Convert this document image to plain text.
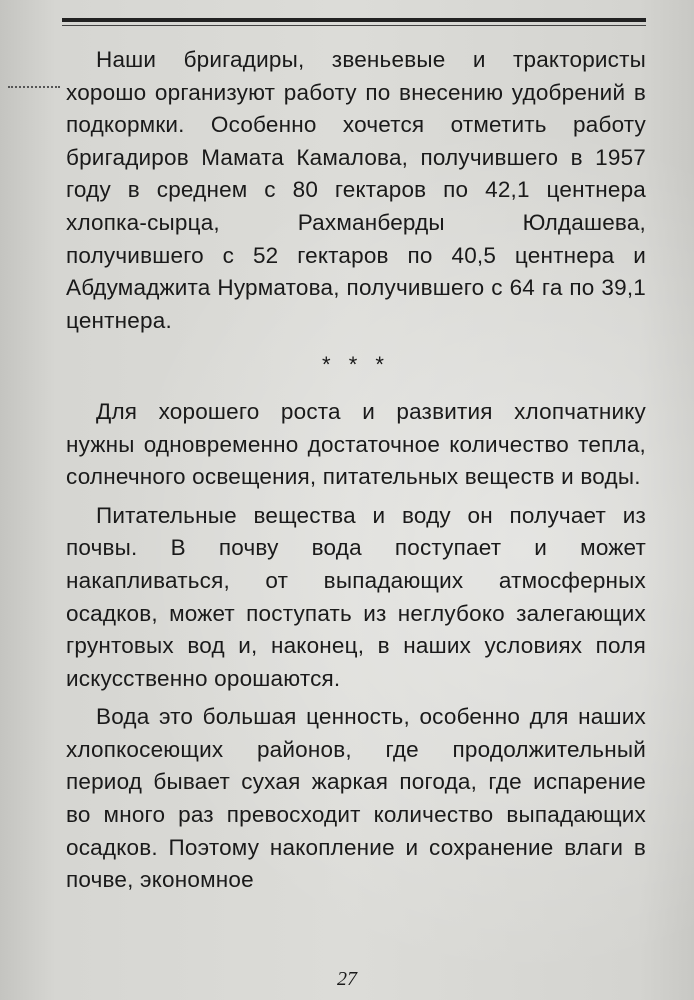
Наши бригадиры, звеньевые и трактористы хорошо организуют работу по внесению удобрений в подкормки. Особенно хочется отметить работу бригадиров Мамата Камалова, получившего в 1957 году в среднем с 80 гектаров по 42,1 центнера хлопка-сырца, Рахманберды Юлдашева, получившего с 52 гектаров по 40,5 центнера и Абдумаджита Нурматова, получившего с 64 га по 39,1 центнера.

* * *

Для хорошего роста и развития хлопчатнику нужны одновременно достаточное количество тепла, солнечного освещения, питательных веществ и воды.

Питательные вещества и воду он получает из почвы. В почву вода поступает и может накапливаться, от выпадающих атмосферных осадков, может поступать из неглубоко залегающих грунтовых вод и, наконец, в наших условиях поля искусственно орошаются.

Вода это большая ценность, особенно для наших хлопкосеющих районов, где продолжительный период бывает сухая жаркая погода, где испарение во много раз превосходит количество выпадающих осадков. Поэтому накопление и сохранение влаги в почве, экономное

27
